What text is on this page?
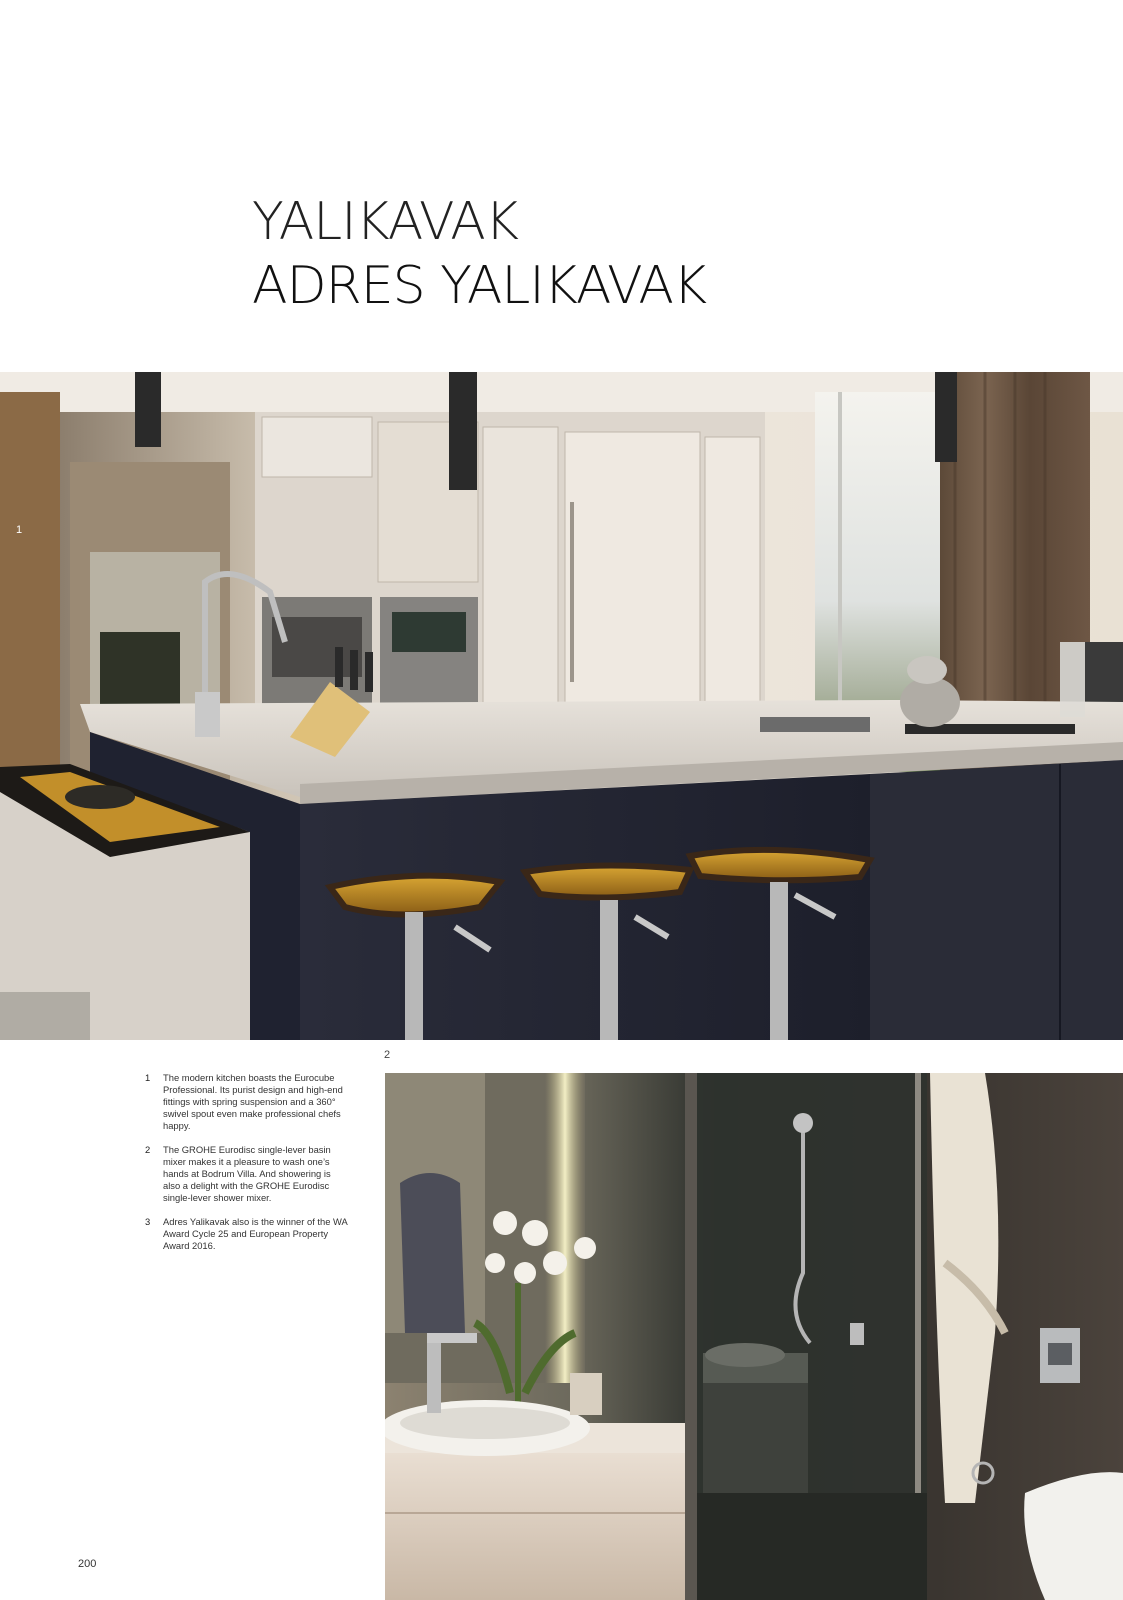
YALIKAVAK
ADRES YALIKAVAK
1
2
1	The modern kitchen boasts the Eurocube Professional. Its purist design and high-end fittings with spring suspension and a 360° swivel spout even make professional chefs happy.
2	The GROHE Eurodisc single-lever basin mixer makes it a pleasure to wash one’s hands at Bodrum Villa. And showering is also a delight with the GROHE Eurodisc single-lever shower mixer.
3	Adres Yalikavak also is the winner of the WA Award Cycle 25 and European Property Award 2016.
200
